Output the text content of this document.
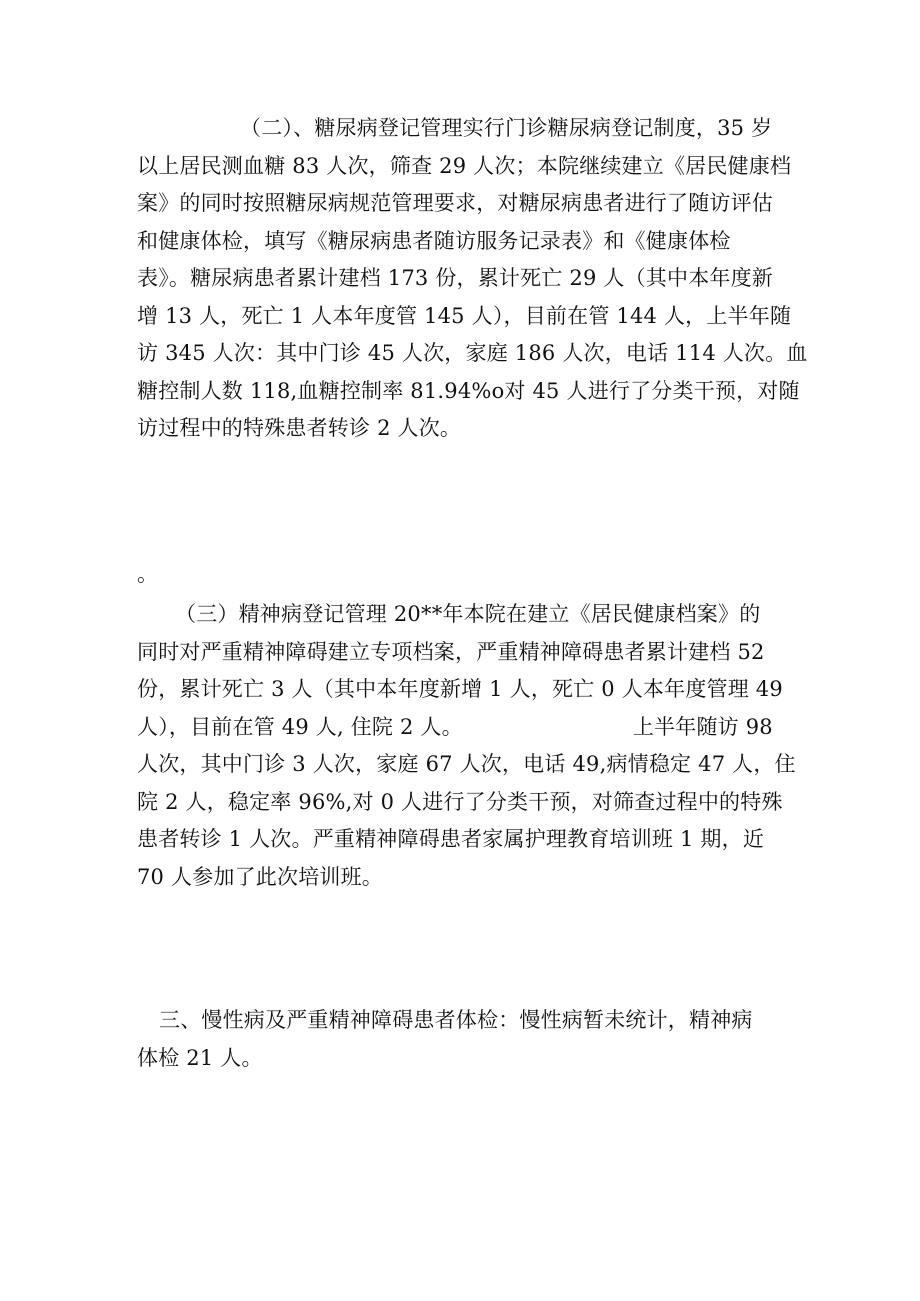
（二）、糖尿病登记管理实行门诊糖尿病登记制度，35 岁
以上居民测血糖 83 人次，筛查 29 人次；本院继续建立《居民健康档
案》的同时按照糖尿病规范管理要求，对糖尿病患者进行了随访评估
和健康体检，填写《糖尿病患者随访服务记录表》和《健康体检
表》。糖尿病患者累计建档 173 份，累计死亡 29 人（其中本年度新
增 13 人，死亡 1 人本年度管 145 人），目前在管 144 人，上半年随
访 345 人次：其中门诊 45 人次，家庭 186 人次，电话 114 人次。血
糖控制人数 118,血糖控制率 81.94%o对 45 人进行了分类干预，对随
访过程中的特殊患者转诊 2 人次。
。
（三）精神病登记管理 20**年本院在建立《居民健康档案》的
同时对严重精神障碍建立专项档案，严重精神障碍患者累计建档 52
份，累计死亡 3 人（其中本年度新增 1 人，死亡 0 人本年度管理 49
人），目前在管 49 人, 住院 2 人。	上半年随访 98
人次，其中门诊 3 人次，家庭 67 人次，电话 49,病情稳定 47 人，住
院 2 人，稳定率 96%,对 0 人进行了分类干预，对筛查过程中的特殊
患者转诊 1 人次。严重精神障碍患者家属护理教育培训班 1 期，近
70 人参加了此次培训班。
三、慢性病及严重精神障碍患者体检：慢性病暂未统计，精神病
体检 21 人。
